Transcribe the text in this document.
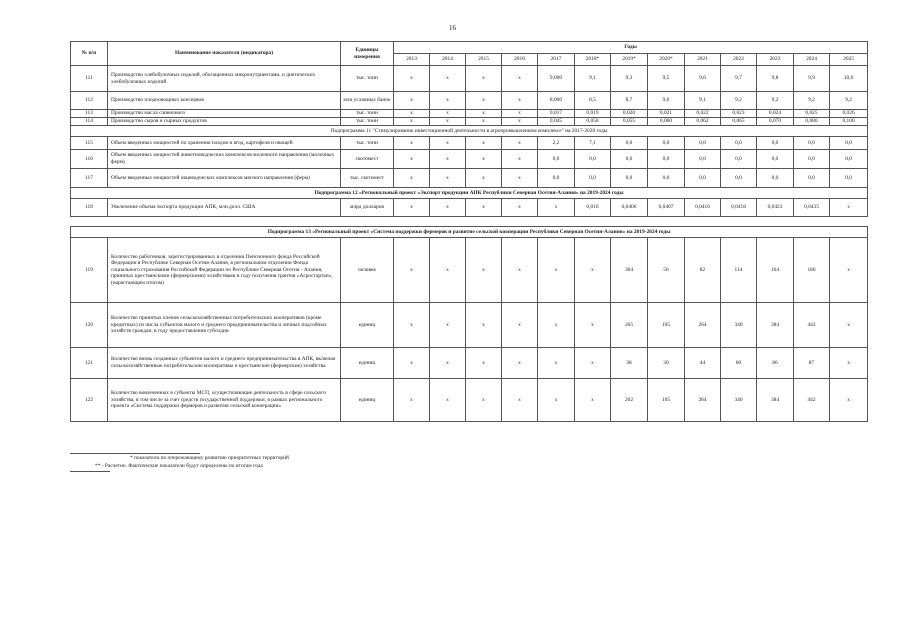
16
№ п/п	Наименование показателя (индикатора)	Единицы измерения	Годы												
			2013	2014	2015	2016	2017	2018*	2019*	2020*	2021	2022	2023	2024	2025
111	Производство хлебобулочных изделий, обогащенных микронутриентами, и диетических хлебобулочных изделий	тыс. тонн	х	х	х	х	9,000	9,1	9,3	9,5	9,6	9,7	9,8	9,9	10,0
112	Производство плодоовощных консервов	млн условных банок	х	х	х	х	8,000	8,5	8,7	9,0	9,1	9,2	9,2	9,2	9,2
113	Производство масла сливочного	тыс. тонн	х	х	х	х	0,017	0,019	0,020	0,021	0,022	0,023	0,024	0,025	0,026
114	Производство сыров и сырных продуктов	тыс. тонн	х	х	х	х	0,045	0,050	0,055	0,060	0,062	0,065	0,070	0,080	0,100
Подпрограмма 11 "Стимулирование инвестиционной деятельности в агропромышленном комплексе" на 2017-2020 годы															
115	Объем введенных мощностей по хранению плодов и ягод, картофеля и овощей	тыс. тонн	х	х	х	х	2,2	7,1	0,0	0,0	0,0	0,0	0,0	0,0	0,0
116	Объем введенных мощностей животноводческих комплексов молочного направления (молочных ферм)	скотомест	х	х	х	х	0,0	0,0	0,0	0,0	0,0	0,0	0,0	0,0	0,0
117	Объем введенных мощностей овцеводческих комплексов мясного направления (ферм)	тыс. скотомест	х	х	х	х	0,0	0,0	0,0	0,0	0,0	0,0	0,0	0,0	0,0
Подпрограмма 12 «Региональный проект «Экспорт продукции АПК Республики Северная Осетия-Алания» на 2019-2024 годы															
118	Увеличение объема экспорта продукции АПК, млн.долл. США	млрд долларов	х	х	х	х	х	0,016	0,0406	0,0407	0,0416	0,0418	0,0423	0,0435	х

Подпрограмма 13 «Региональный проект «Система поддержки фермеров и развитие сельской кооперации Республики Северная Осетия-Алания» на 2019-2024 годы															
119	Количество работников, зарегистрированных в отделении Пенсионного фонда Российской Федерации в Республике Северная Осетия-Алания, в региональном отделении Фонда социального страхования Российской Федерации по Республике Северная Осетия - Алания, принятых крестьянскими (фермерскими) хозяйствами в году получения грантов «Агростартап», (нарастающим итогом)	человек	х	х	х	х	х	х	304	56	82	114	164	166	х
120	Количество принятых членов сельскохозяйственных потребительских кооперативов (кроме кредитных) из числа субъектов малого и среднего предпринимательства и личных подсобных хозяйств граждан, в году предоставления субсидии	единиц	х	х	х	х	х	х	265	105	264	340	384	442	х
121	Количество вновь созданных субъектов малого и среднего предпринимательства в АПК, включая сельскохозяйственные потребительские кооперативы и крестьянские (фермерские) хозяйства	единиц	х	х	х	х	х	х	38	30	44	60	86	87	х
122	Количество вовлеченных в субъекты МСП, осуществляющие деятельность в сфере сельского хозяйства, в том числе за счет средств государственной поддержки, в рамках регионального проекта «Система поддержки фермеров и развития сельской кооперации»	единиц	х	х	х	х	х	х	262	105	264	340	384	442	х
* показатели по опережающему развитию приоритетных территорий
** - Расчетно. Фактические показатели будут определены по итогам года
